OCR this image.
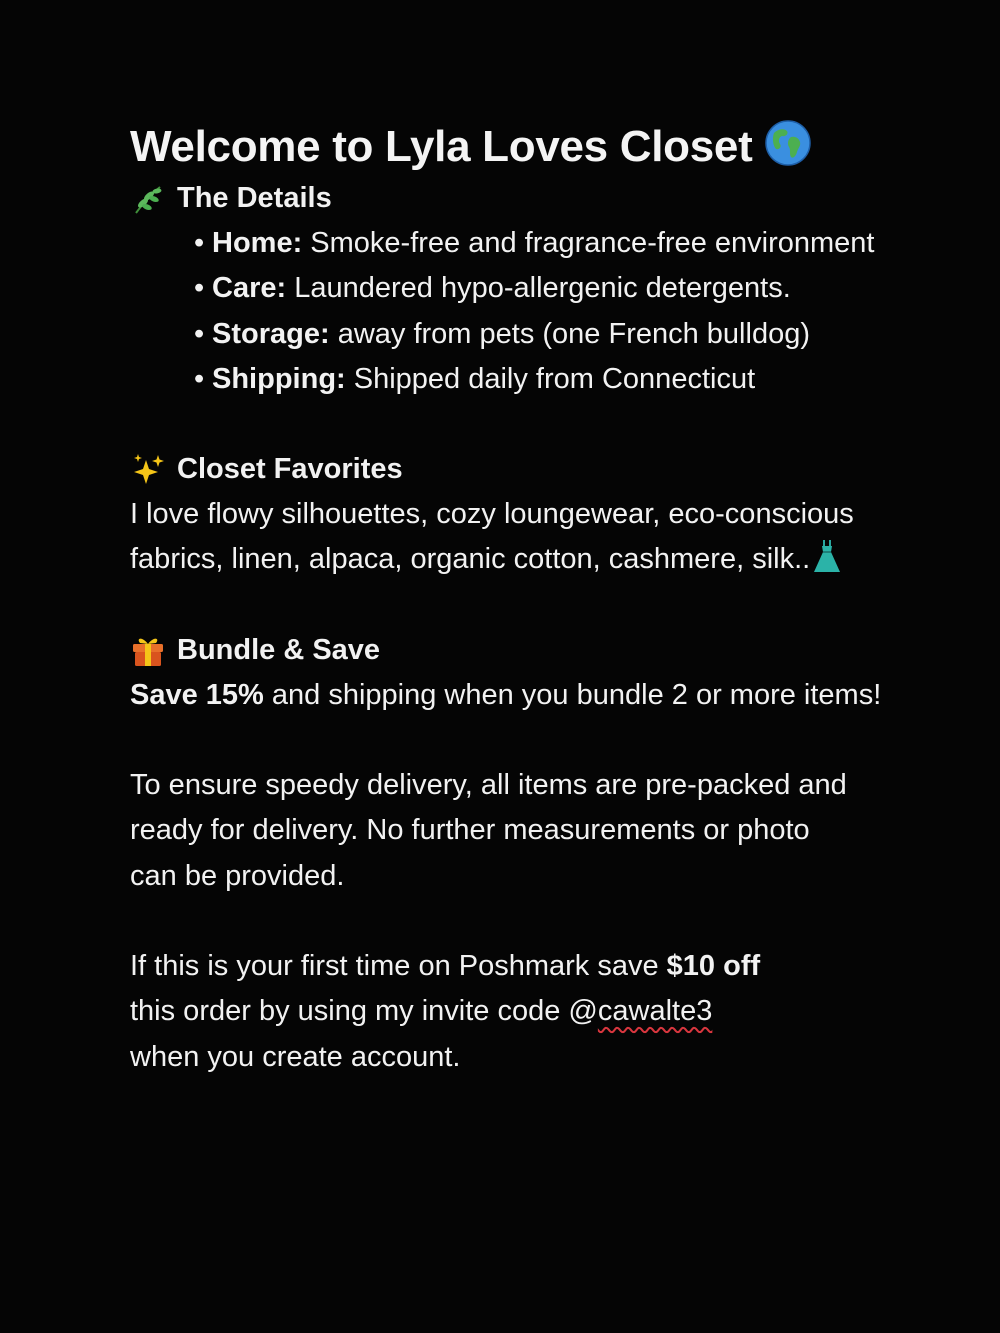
Welcome to Lyla Loves Closet
The Details
• Home: Smoke-free and fragrance-free environment
• Care: Laundered hypo-allergenic detergents.
• Storage: away from pets (one French bulldog)
• Shipping: Shipped daily from Connecticut
Closet Favorites

I love flowy silhouettes, cozy loungewear, eco-conscious

fabrics, linen, alpaca, organic cotton, cashmere, silk..

Bundle & Save

Save 15% and shipping when you bundle 2 or more items!

To ensure speedy delivery, all items are pre-packed and

ready for delivery. No further measurements or photo

can be provided.

If this is your first time on Poshmark save $10 off

this order by using my invite code @cawalte3

when you create account.
